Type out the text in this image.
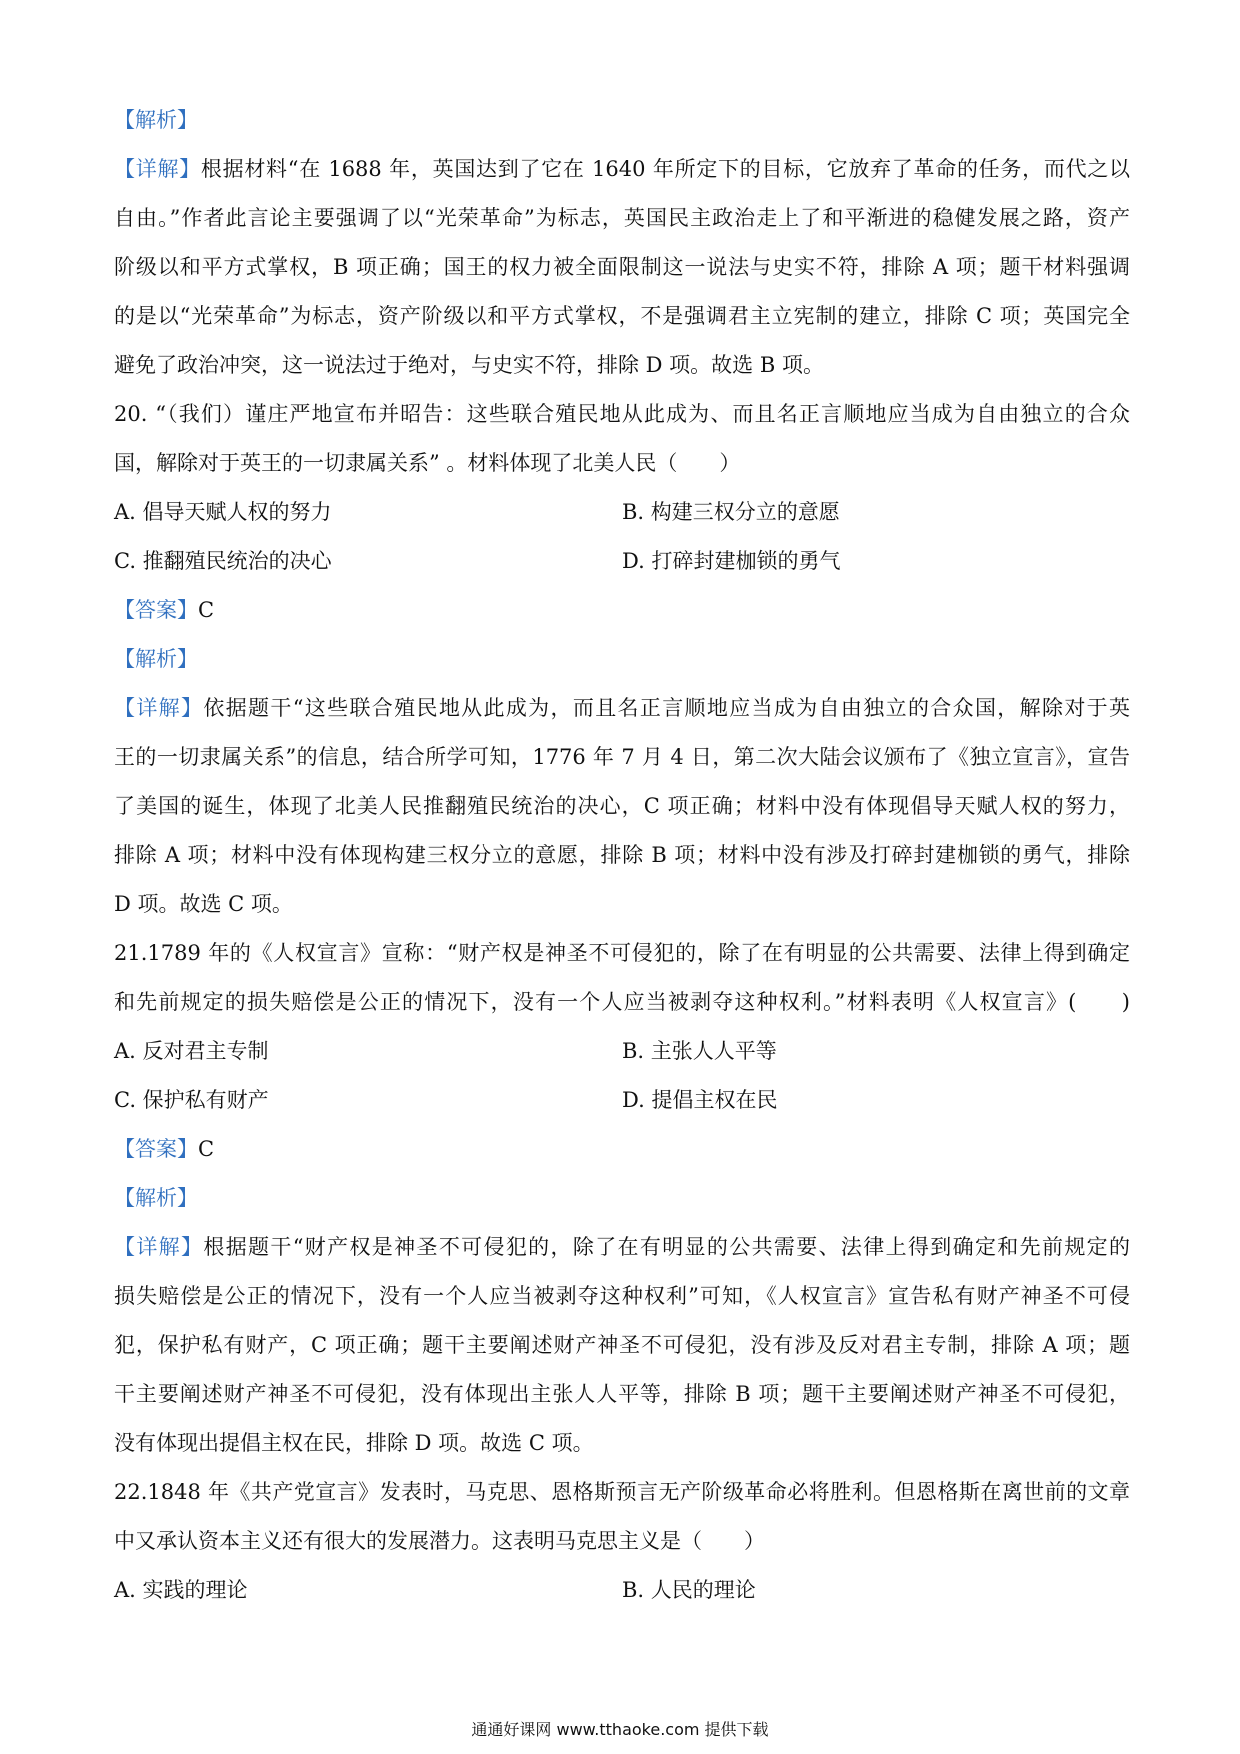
【解析】
【详解】根据材料“在 1688 年，英国达到了它在 1640 年所定下的目标，它放弃了革命的任务，而代之以
自由。”作者此言论主要强调了以“光荣革命”为标志，英国民主政治走上了和平渐进的稳健发展之路，资产
阶级以和平方式掌权，B 项正确；国王的权力被全面限制这一说法与史实不符，排除 A 项；题干材料强调
的是以“光荣革命”为标志，资产阶级以和平方式掌权，不是强调君主立宪制的建立，排除 C 项；英国完全
避免了政治冲突，这一说法过于绝对，与史实不符，排除 D 项。故选 B 项。
20. “（我们）谨庄严地宣布并昭告：这些联合殖民地从此成为、而且名正言顺地应当成为自由独立的合众
国，解除对于英王的一切隶属关系” 。材料体现了北美人民（　　）
A. 倡导天赋人权的努力	B. 构建三权分立的意愿
C. 推翻殖民统治的决心	D. 打碎封建枷锁的勇气
【答案】C
【解析】
【详解】依据题干“这些联合殖民地从此成为，而且名正言顺地应当成为自由独立的合众国，解除对于英
王的一切隶属关系”的信息，结合所学可知，1776 年 7 月 4 日，第二次大陆会议颁布了《独立宣言》，宣告
了美国的诞生，体现了北美人民推翻殖民统治的决心，C 项正确；材料中没有体现倡导天赋人权的努力，
排除 A 项；材料中没有体现构建三权分立的意愿，排除 B 项；材料中没有涉及打碎封建枷锁的勇气，排除
D 项。故选 C 项。
21.1789 年的《人权宣言》宣称：“财产权是神圣不可侵犯的，除了在有明显的公共需要、法律上得到确定
和先前规定的损失赔偿是公正的情况下，没有一个人应当被剥夺这种权利。”材料表明《人权宣言》(　　)
A. 反对君主专制	B. 主张人人平等
C. 保护私有财产	D. 提倡主权在民
【答案】C
【解析】
【详解】根据题干“财产权是神圣不可侵犯的，除了在有明显的公共需要、法律上得到确定和先前规定的
损失赔偿是公正的情况下，没有一个人应当被剥夺这种权利”可知，《人权宣言》宣告私有财产神圣不可侵
犯，保护私有财产，C 项正确；题干主要阐述财产神圣不可侵犯，没有涉及反对君主专制，排除 A 项；题
干主要阐述财产神圣不可侵犯，没有体现出主张人人平等，排除 B 项；题干主要阐述财产神圣不可侵犯，
没有体现出提倡主权在民，排除 D 项。故选 C 项。
22.1848 年《共产党宣言》发表时，马克思、恩格斯预言无产阶级革命必将胜利。但恩格斯在离世前的文章
中又承认资本主义还有很大的发展潜力。这表明马克思主义是（　　）
A. 实践的理论	B. 人民的理论
通通好课网 www.tthaoke.com 提供下载
